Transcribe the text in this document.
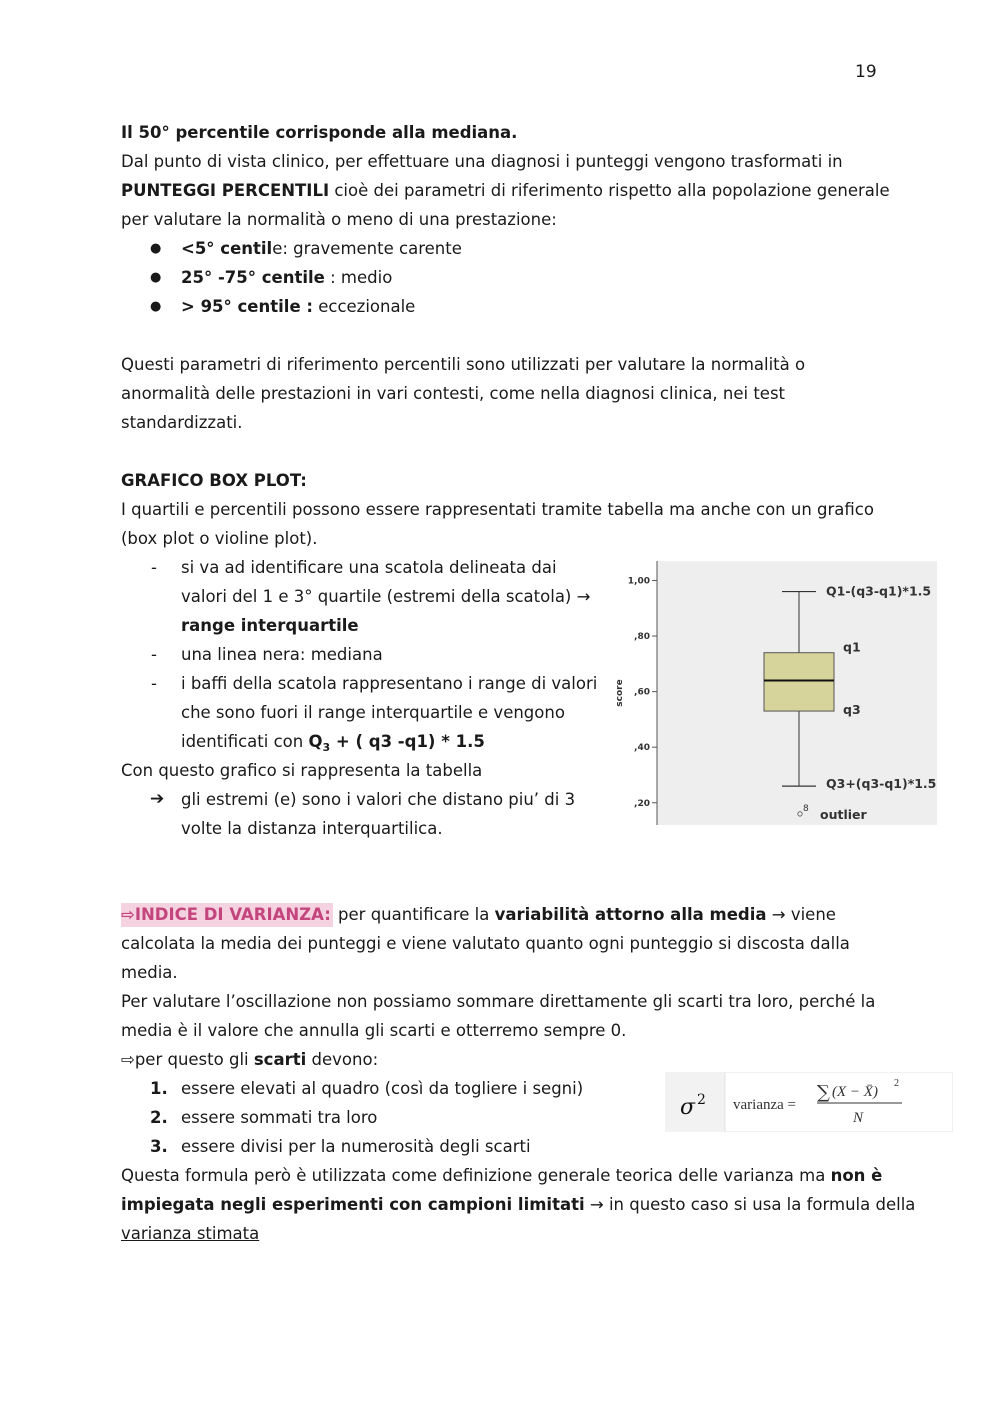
19
Il 50° percentile corrisponde alla mediana.
Dal punto di vista clinico, per effettuare una diagnosi i punteggi vengono trasformati in
PUNTEGGI PERCENTILI cioè dei parametri di riferimento rispetto alla popolazione generale
per valutare la normalità o meno di una prestazione:
● <5° centile: gravemente carente
● 25° -75° centile : medio
● > 95° centile : eccezionale
Questi parametri di riferimento percentili sono utilizzati per valutare la normalità o
anormalità delle prestazioni in vari contesti, come nella diagnosi clinica, nei test
standardizzati.
GRAFICO BOX PLOT:
I quartili e percentili possono essere rappresentati tramite tabella ma anche con un grafico
(box plot o violine plot).
- si va ad identificare una scatola delineata dai
valori del 1 e 3° quartile (estremi della scatola) →
range interquartile
- una linea nera: mediana
- i baffi della scatola rappresentano i range di valori
che sono fuori il range interquartile e vengono
identificati con $Q_3$ + ( q3 -q1) * 1.5
Con questo grafico si rappresenta la tabella
➔ gli estremi (e) sono i valori che distano piu’ di 3
volte la distanza interquartilica.
score
1,00
,80
,60
,40
,20
8
Q1-(q3-q1)*1.5
q1
q3
Q3+(q3-q1)*1.5
outlier
⇨INDICE DI VARIANZA: per quantificare la variabilità attorno alla media → viene
calcolata la media dei punteggi e viene valutato quanto ogni punteggio si discosta dalla
media.
Per valutare l’oscillazione non possiamo sommare direttamente gli scarti tra loro, perché la
media è il valore che annulla gli scarti e otterremo sempre 0.
⇨per questo gli scarti devono:
1. essere elevati al quadro (così da togliere i segni)
2. essere sommati tra loro
3. essere divisi per la numerosità degli scarti
Questa formula però è utilizzata come definizione generale teorica delle varianza ma non è
impiegata negli esperimenti con campioni limitati → in questo caso si usa la formula della
varianza stimata
σ 2 varianza =
∑ (X − X̄)
2
N
